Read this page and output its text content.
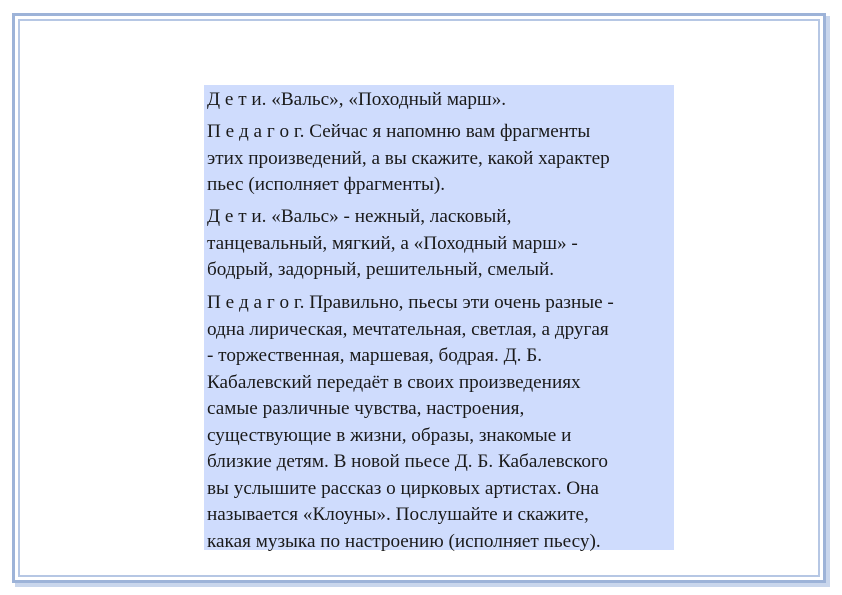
Д е т и. «Вальс», «Походный марш».

П е д а г о г. Сейчас я напомню вам фрагменты
этих произведений, а вы скажите, какой характер
пьес (исполняет фрагменты).

Д е т и. «Вальс» - нежный, ласковый,
танцевальный, мягкий, а «Походный марш» -
бодрый, задорный, решительный, смелый.

П е д а г о г. Правильно, пьесы эти очень разные -
одна лирическая, мечтательная, светлая, а другая
- торжественная, маршевая, бодрая. Д. Б.
Кабалевский передаёт в своих произведениях
самые различные чувства, настроения,
существующие в жизни, образы, знакомые и
близкие детям. В новой пьесе Д. Б. Кабалевского
вы услышите рассказ о цирковых артистах. Она
называется «Клоуны». Послушайте и скажите,
какая музыка по настроению (исполняет пьесу).
